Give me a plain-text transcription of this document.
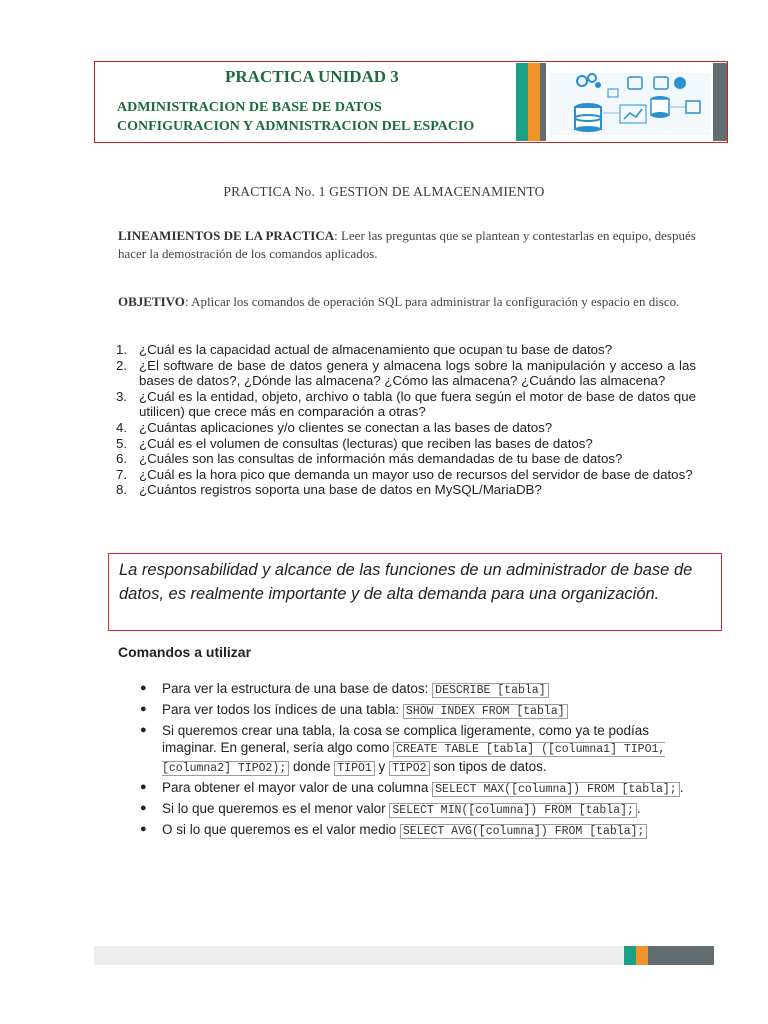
PRACTICA UNIDAD 3
ADMINISTRACION DE BASE DE DATOS
CONFIGURACION Y ADMNISTRACION DEL ESPACIO
PRACTICA No. 1 GESTION DE ALMACENAMIENTO
LINEAMIENTOS DE LA PRACTICA: Leer las preguntas que se plantean y contestarlas en equipo, después hacer la demostración de los comandos aplicados.
OBJETIVO: Aplicar los comandos de operación SQL para administrar la configuración y espacio en disco.
1. ¿Cuál es la capacidad actual de almacenamiento que ocupan tu base de datos?
2. ¿El software de base de datos genera y almacena logs sobre la manipulación y acceso a las bases de datos?, ¿Dónde las almacena? ¿Cómo las almacena? ¿Cuándo las almacena?
3. ¿Cuál es la entidad, objeto, archivo o tabla (lo que fuera según el motor de base de datos que utilicen) que crece más en comparación a otras?
4. ¿Cuántas aplicaciones y/o clientes se conectan a las bases de datos?
5. ¿Cuál es el volumen de consultas (lecturas) que reciben las bases de datos?
6. ¿Cuáles son las consultas de información más demandadas de tu base de datos?
7. ¿Cuál es la hora pico que demanda un mayor uso de recursos del servidor de base de datos?
8. ¿Cuántos registros soporta una base de datos en MySQL/MariaDB?
La responsabilidad y alcance de las funciones de un administrador de base de datos, es realmente importante y de alta demanda para una organización.
Comandos a utilizar
● Para ver la estructura de una base de datos: DESCRIBE [tabla]
● Para ver todos los índices de una tabla: SHOW INDEX FROM [tabla]
● Si queremos crear una tabla, la cosa se complica ligeramente, como ya te podías imaginar. En general, sería algo como CREATE TABLE [tabla] ([columna1] TIPO1, [columna2] TIPO2); donde TIPO1 y TIPO2 son tipos de datos.
● Para obtener el mayor valor de una columna SELECT MAX([columna]) FROM [tabla]; .
● Si lo que queremos es el menor valor SELECT MIN([columna]) FROM [tabla]; .
● O si lo que queremos es el valor medio SELECT AVG([columna]) FROM [tabla];
